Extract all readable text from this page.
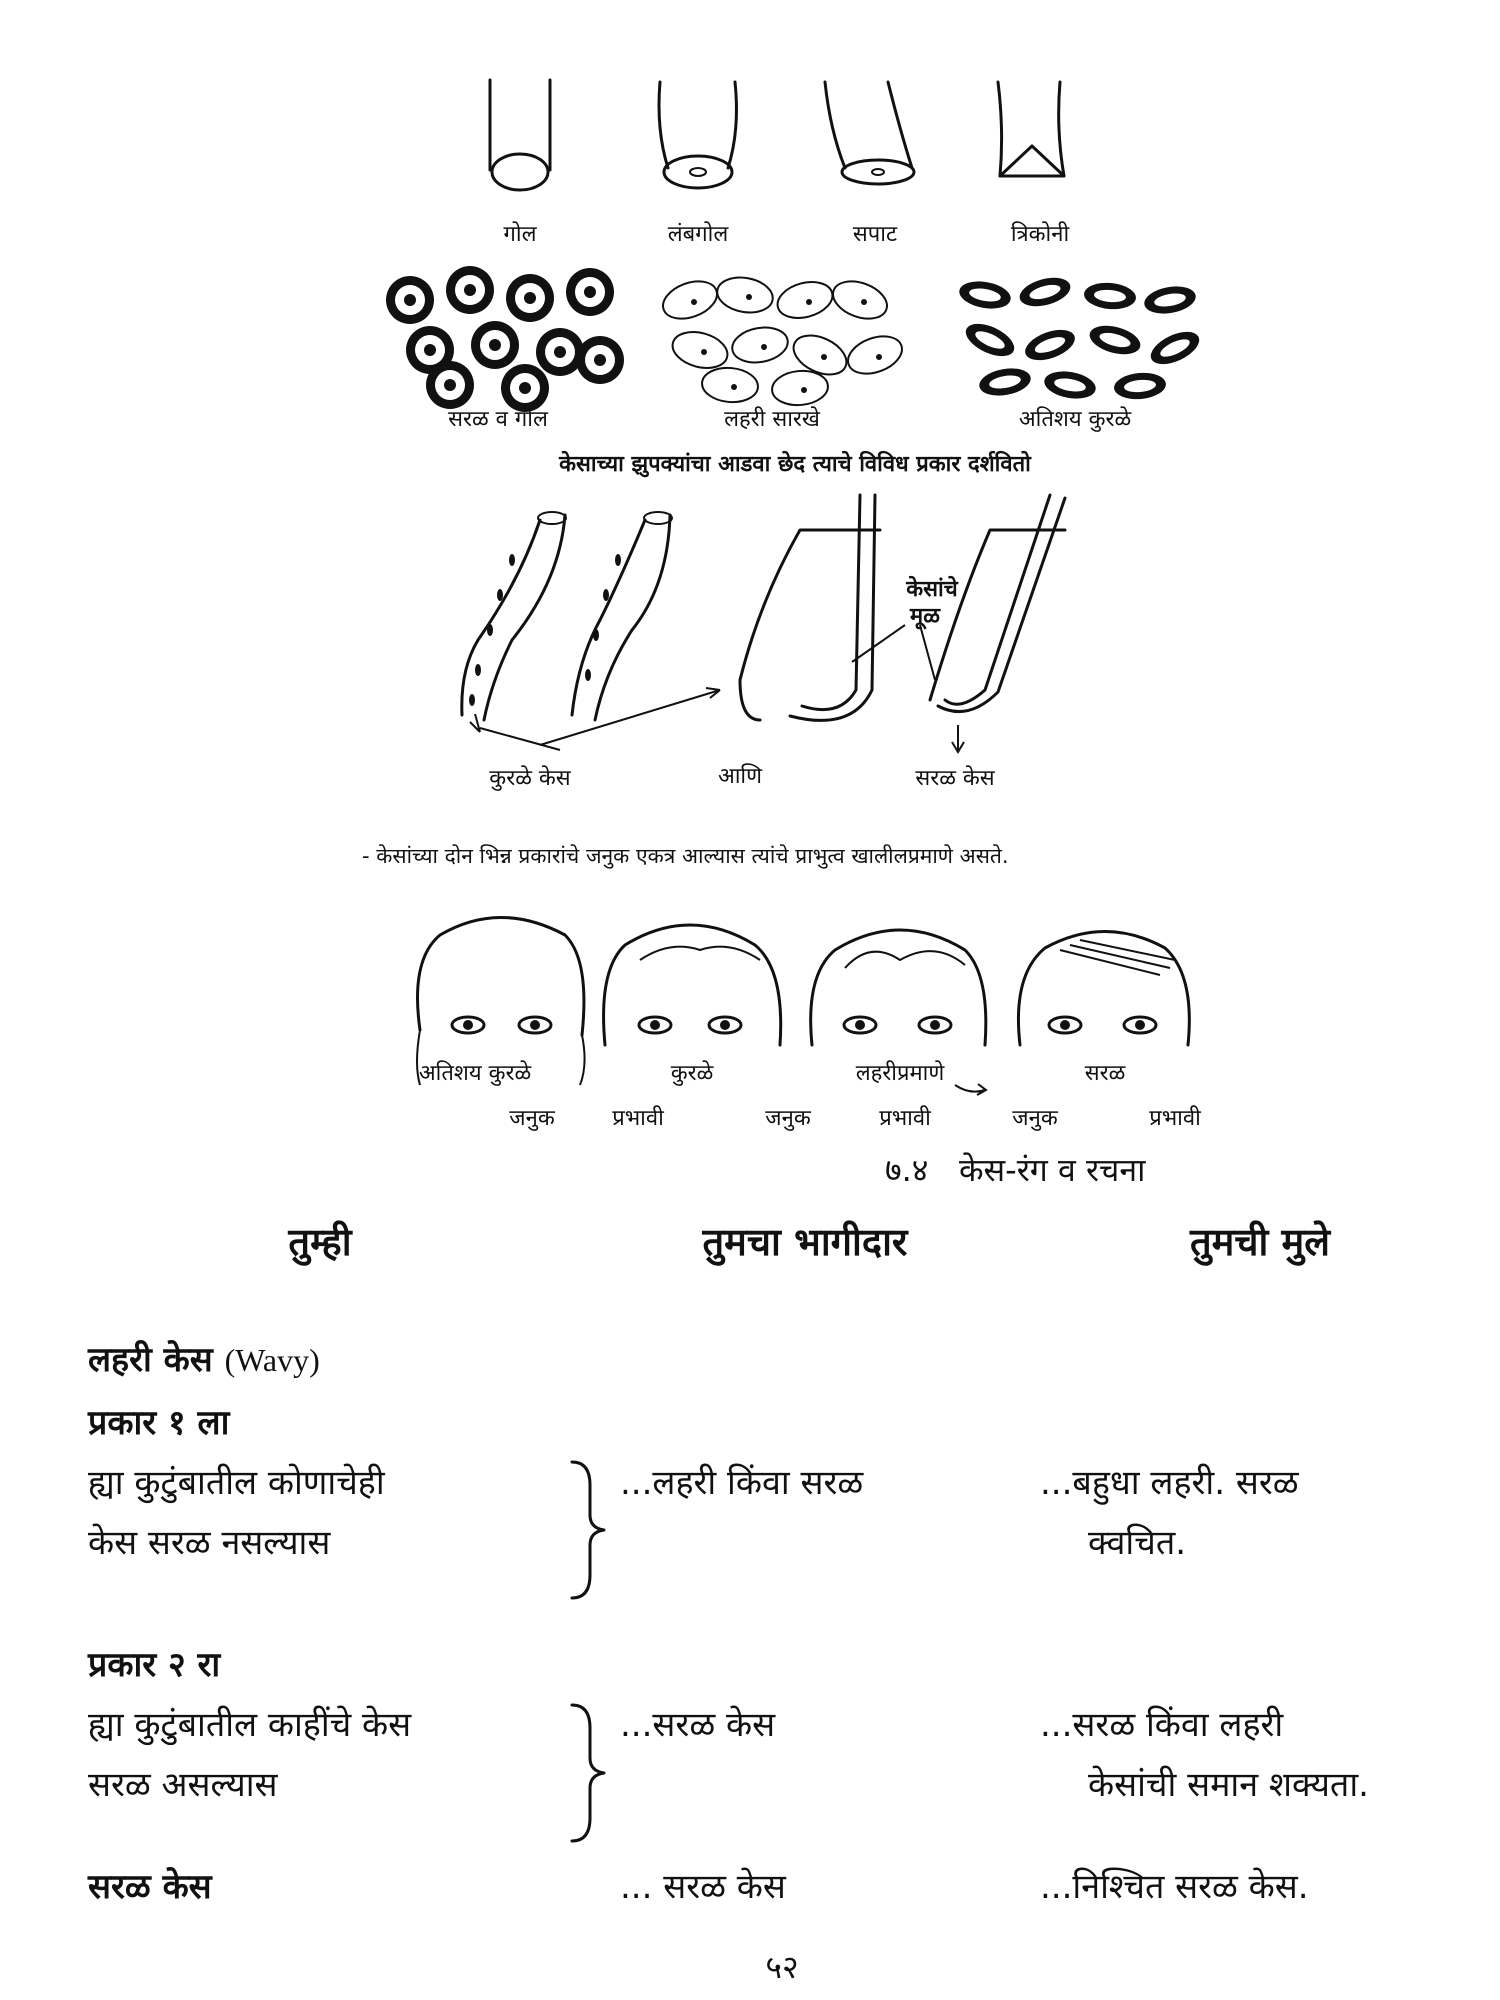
गोल	लंबगोल	सपाट	त्रिकोनी
सरळ व गोल	लहरी सारखे	अतिशय कुरळे
केसाच्या झुपक्यांचा आडवा छेद त्याचे विविध प्रकार दर्शवितो
केसांचे
मूळ
कुरळे केस	आणि	सरळ केस
- केसांच्या दोन भिन्न प्रकारांचे जनुक एकत्र आल्यास त्यांचे प्राभुत्व खालीलप्रमाणे असते.
अतिशय कुरळे	कुरळे	लहरीप्रमाणे	सरळ
जनुक	प्रभावी	जनुक	प्रभावी	जनुक	प्रभावी
७.४   केस-रंग व रचना
तुम्ही	तुमचा भागीदार	तुमची मुले
लहरी केस (Wavy)
प्रकार १ ला
ह्या कुटुंबातील कोणाचेही
केस सरळ नसल्यास
...लहरी किंवा सरळ	...बहुधा लहरी. सरळ
क्वचित.
प्रकार २ रा
ह्या कुटुंबातील काहींचे केस
सरळ असल्यास
...सरळ केस	...सरळ किंवा लहरी
केसांची समान शक्यता.
सरळ केस	... सरळ केस	...निश्चित सरळ केस.
५२
